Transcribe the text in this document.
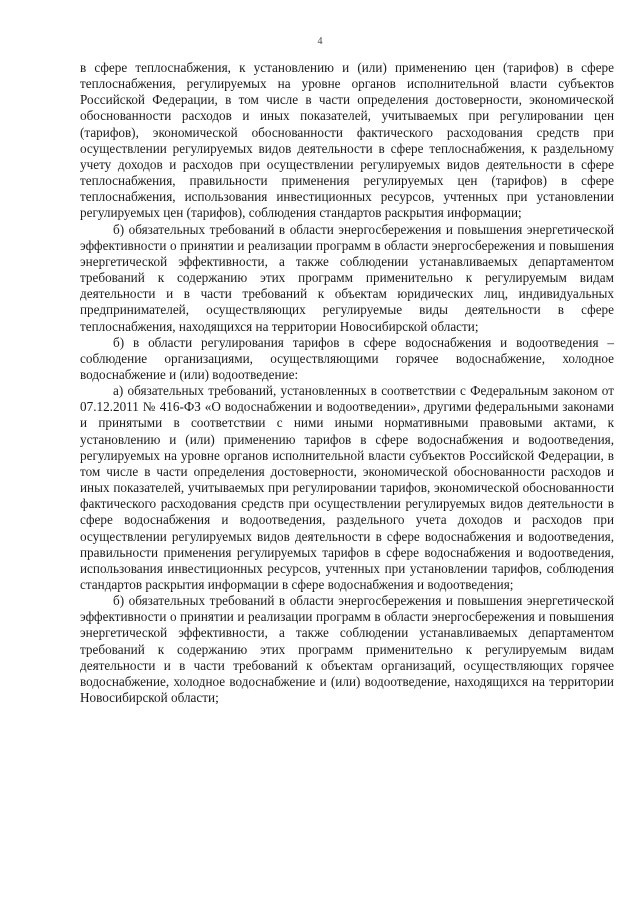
4

в сфере теплоснабжения, к установлению и (или) применению цен (тарифов) в сфере теплоснабжения, регулируемых на уровне органов исполнительной власти субъектов Российской Федерации, в том числе в части определения достоверности, экономической обоснованности расходов и иных показателей, учитываемых при регулировании цен (тарифов), экономической обоснованности фактического расходования средств при осуществлении регулируемых видов деятельности в сфере теплоснабжения, к раздельному учету доходов и расходов при осуществлении регулируемых видов деятельности в сфере теплоснабжения, правильности применения регулируемых цен (тарифов) в сфере теплоснабжения, использования инвестиционных ресурсов, учтенных при установлении регулируемых цен (тарифов), соблюдения стандартов раскрытия информации;

б) обязательных требований в области энергосбережения и повышения энергетической эффективности о принятии и реализации программ в области энергосбережения и повышения энергетической эффективности, а также соблюдении устанавливаемых департаментом требований к содержанию этих программ применительно к регулируемым видам деятельности и в части требований к объектам юридических лиц, индивидуальных предпринимателей, осуществляющих регулируемые виды деятельности в сфере теплоснабжения, находящихся на территории Новосибирской области;

б) в области регулирования тарифов в сфере водоснабжения и водоотведения – соблюдение организациями, осуществляющими горячее водоснабжение, холодное водоснабжение и (или) водоотведение:

а) обязательных требований, установленных в соответствии с Федеральным законом от 07.12.2011 № 416-ФЗ «О водоснабжении и водоотведении», другими федеральными законами и принятыми в соответствии с ними иными нормативными правовыми актами, к установлению и (или) применению тарифов в сфере водоснабжения и водоотведения, регулируемых на уровне органов исполнительной власти субъектов Российской Федерации, в том числе в части определения достоверности, экономической обоснованности расходов и иных показателей, учитываемых при регулировании тарифов, экономической обоснованности фактического расходования средств при осуществлении регулируемых видов деятельности в сфере водоснабжения и водоотведения, раздельного учета доходов и расходов при осуществлении регулируемых видов деятельности в сфере водоснабжения и водоотведения, правильности применения регулируемых тарифов в сфере водоснабжения и водоотведения, использования инвестиционных ресурсов, учтенных при установлении тарифов, соблюдения стандартов раскрытия информации в сфере водоснабжения и водоотведения;

б) обязательных требований в области энергосбережения и повышения энергетической эффективности о принятии и реализации программ в области энергосбережения и повышения энергетической эффективности, а также соблюдении устанавливаемых департаментом требований к содержанию этих программ применительно к регулируемым видам деятельности и в части требований к объектам организаций, осуществляющих горячее водоснабжение, холодное водоснабжение и (или) водоотведение, находящихся на территории Новосибирской области;
